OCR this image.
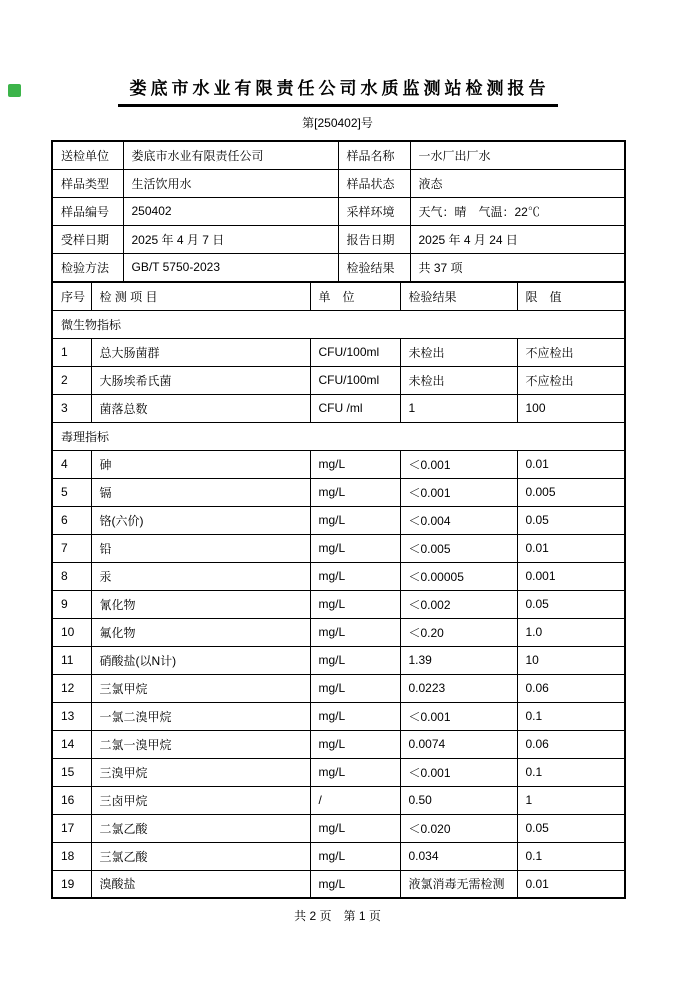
娄底市水业有限责任公司水质监测站检测报告
第[250402]号
送检单位	娄底市水业有限责任公司	样品名称	一水厂出厂水
样品类型	生活饮用水	样品状态	液态
样品编号	250402	采样环境	天气：晴　气温：22℃
受样日期	2025 年 4 月 7 日	报告日期	2025 年 4 月 24 日
检验方法	GB/T 5750-2023	检验结果	共 37 项
序号	检 测 项 目	单　位	检验结果	限　值
微生物指标				
1	总大肠菌群	CFU/100ml	未检出	不应检出
2	大肠埃希氏菌	CFU/100ml	未检出	不应检出
3	菌落总数	CFU /ml	1	100
毒理指标				
4	砷	mg/L	＜0.001	0.01
5	镉	mg/L	＜0.001	0.005
6	铬(六价)	mg/L	＜0.004	0.05
7	铅	mg/L	＜0.005	0.01
8	汞	mg/L	＜0.00005	0.001
9	氰化物	mg/L	＜0.002	0.05
10	氟化物	mg/L	＜0.20	1.0
11	硝酸盐(以N计)	mg/L	1.39	10
12	三氯甲烷	mg/L	0.0223	0.06
13	一氯二溴甲烷	mg/L	＜0.001	0.1
14	二氯一溴甲烷	mg/L	0.0074	0.06
15	三溴甲烷	mg/L	＜0.001	0.1
16	三卤甲烷	/	0.50	1
17	二氯乙酸	mg/L	＜0.020	0.05
18	三氯乙酸	mg/L	0.034	0.1
19	溴酸盐	mg/L	液氯消毒无需检测	0.01
共 2 页　第 1 页
